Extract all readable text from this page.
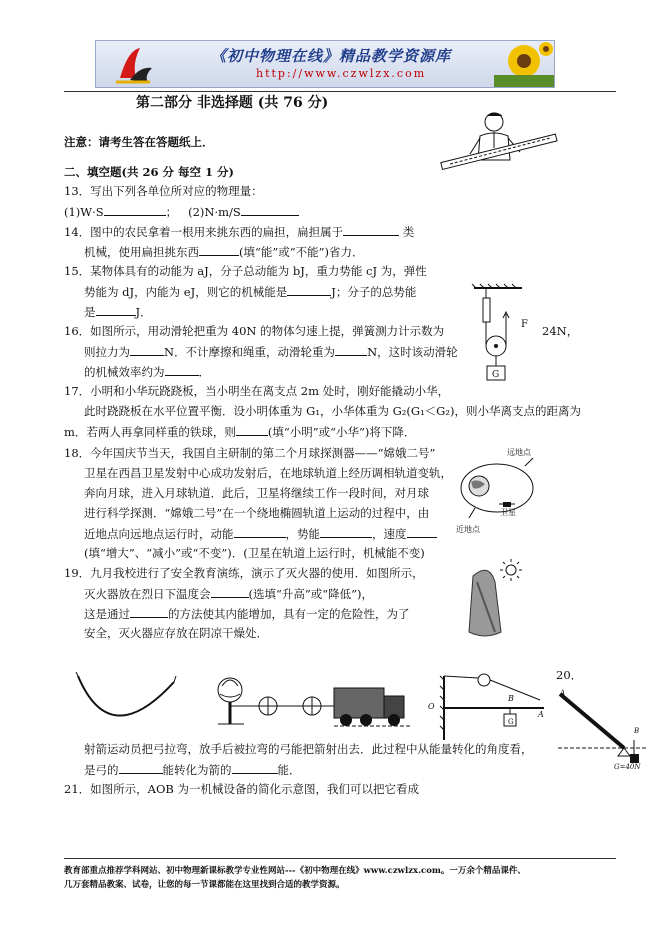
《初中物理在线》精品教学资源库
http://www.czwlzx.com
第二部分 非选择题 (共 76 分)
注意：请考生答在答题纸上．
二、填空题(共 26 分 每空 1 分)
13．写出下列各单位所对应的物理量：
(1)W·S	； (2)N·m/S
14．图中的农民拿着一根用来挑东西的扁担，扁担属于	类
机械，使用扁担挑东西	(填“能”或“不能”)省力．
15．某物体具有的动能为 aJ，分子总动能为 bJ，重力势能 cJ 为，弹性
势能为 dJ，内能为 eJ，则它的机械能是	J；分子的总势能
是	J．
F
G
16．如图所示，用动滑轮把重为 40N 的物体匀速上提，弹簧测力计示数为	24N，
则拉力为	N．不计摩擦和绳重，动滑轮重为	N，这时该动滑轮
的机械效率约为	．
17．小明和小华玩跷跷板，当小明坐在离支点 2m 处时，刚好能撬动小华，
此时跷跷板在水平位置平衡．设小明体重为 G₁，小华体重为 G₂(G₁＜G₂)，则小华离支点的距离为
m．若两人再拿同样重的铁球，则	(填“小明”或“小华”)将下降．
18．今年国庆节当天，我国自主研制的第二个月球探测器——“嫦娥二号”
卫星在西昌卫星发射中心成功发射后，在地球轨道上经历调相轨道变轨，
奔向月球，进入月球轨道．此后，卫星将继续工作一段时间，对月球
进行科学探测．“嫦娥二号”在一个绕地椭圆轨道上运动的过程中，由
近地点向远地点运行时，动能	，势能	，速度
(填“增大”、“减小”或“不变”)．(卫星在轨道上运行时，机械能不变)
远地点
卫星
近地点
19．九月我校进行了安全教育演练，演示了灭火器的使用．如图所示，
灭火器放在烈日下温度会	(选填“升高”或“降低”)，
这是通过	的方法使其内能增加，具有一定的危险性，为了
安全，灭火器应存放在阴凉干燥处．
O
B
A
G
20．
A
B
G=40N
射箭运动员把弓拉弯，放手后被拉弯的弓能把箭射出去．此过程中从能量转化的角度看，
是弓的	能转化为箭的	能．
21．如图所示，AOB 为一机械设备的简化示意图，我们可以把它看成
教育部重点推荐学科网站、初中物理新课标教学专业性网站---《初中物理在线》www.czwlzx.com。一万余个精品课件、
几万套精品教案、试卷，让您的每一节课都能在这里找到合适的教学资源。
